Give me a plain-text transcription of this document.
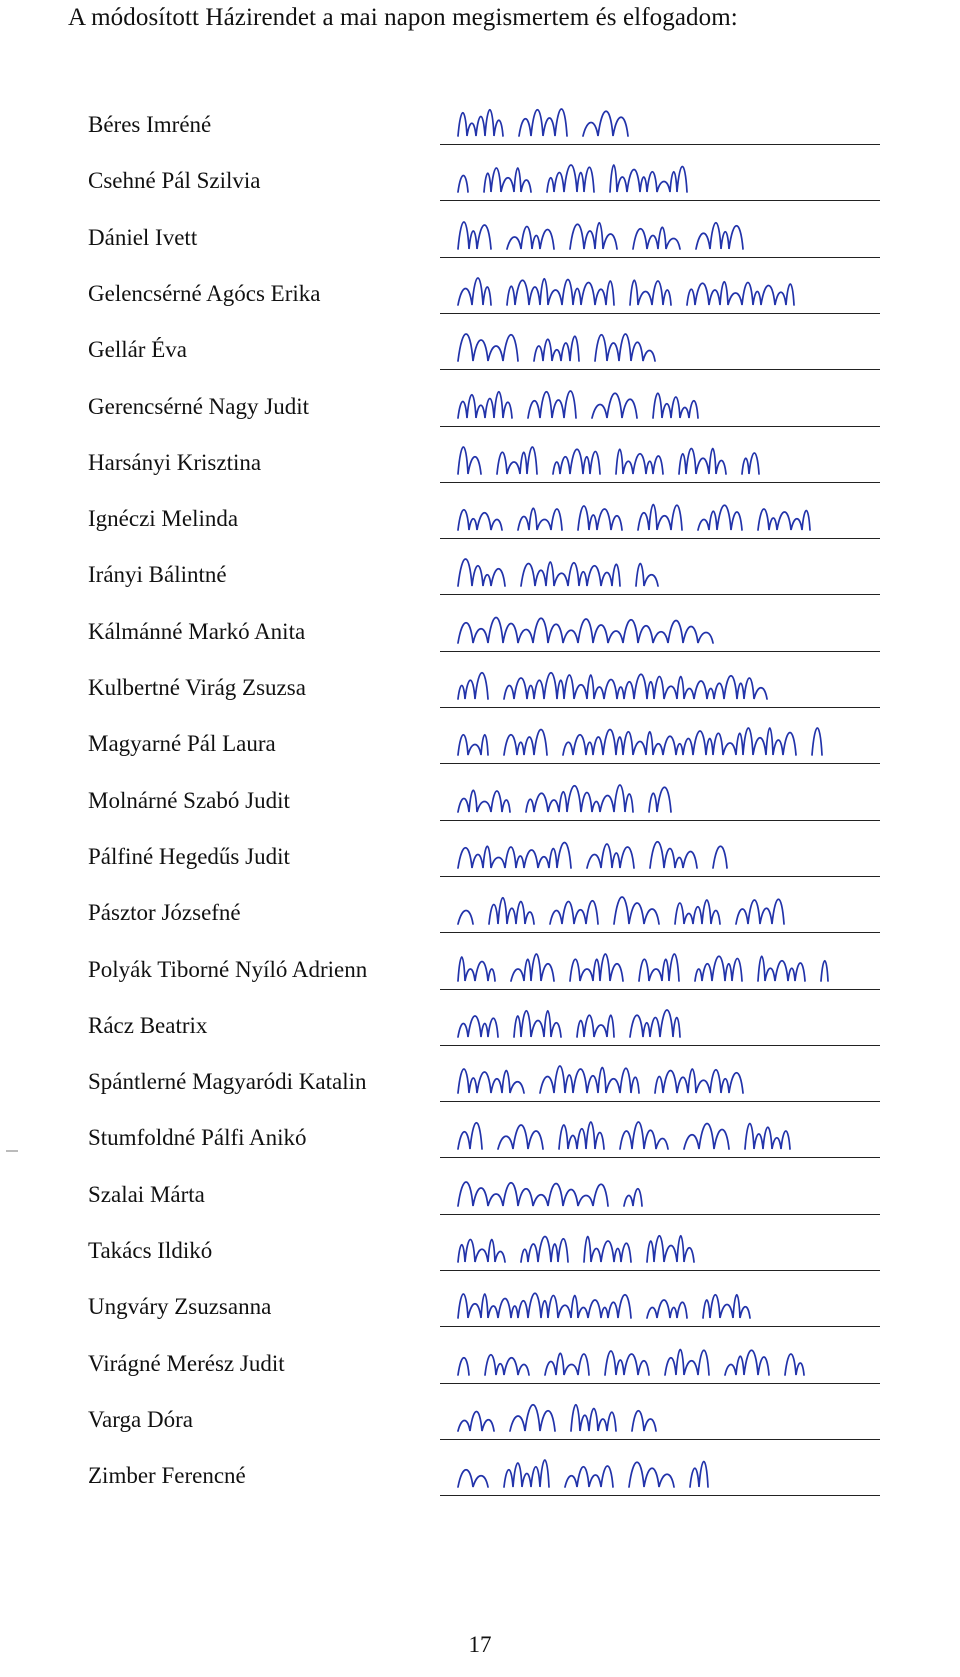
A módosított Házirendet a mai napon megismertem és elfogadom:
Béres Imréné
Csehné Pál Szilvia
Dániel Ivett
Gelencsérné Agócs Erika
Gellár Éva
Gerencsérné Nagy Judit
Harsányi Krisztina
Ignéczi Melinda
Irányi Bálintné
Kálmánné Markó Anita
Kulbertné Virág Zsuzsa
Magyarné Pál Laura
Molnárné Szabó Judit
Pálfiné Hegedűs Judit
Pásztor Józsefné
Polyák Tiborné Nyíló Adrienn
Rácz Beatrix
Spántlerné Magyaródi Katalin
Stumfoldné Pálfi Anikó
Szalai Márta
Takács Ildikó
Ungváry Zsuzsanna
Virágné Merész Judit
Varga Dóra
Zimber Ferencné
17
